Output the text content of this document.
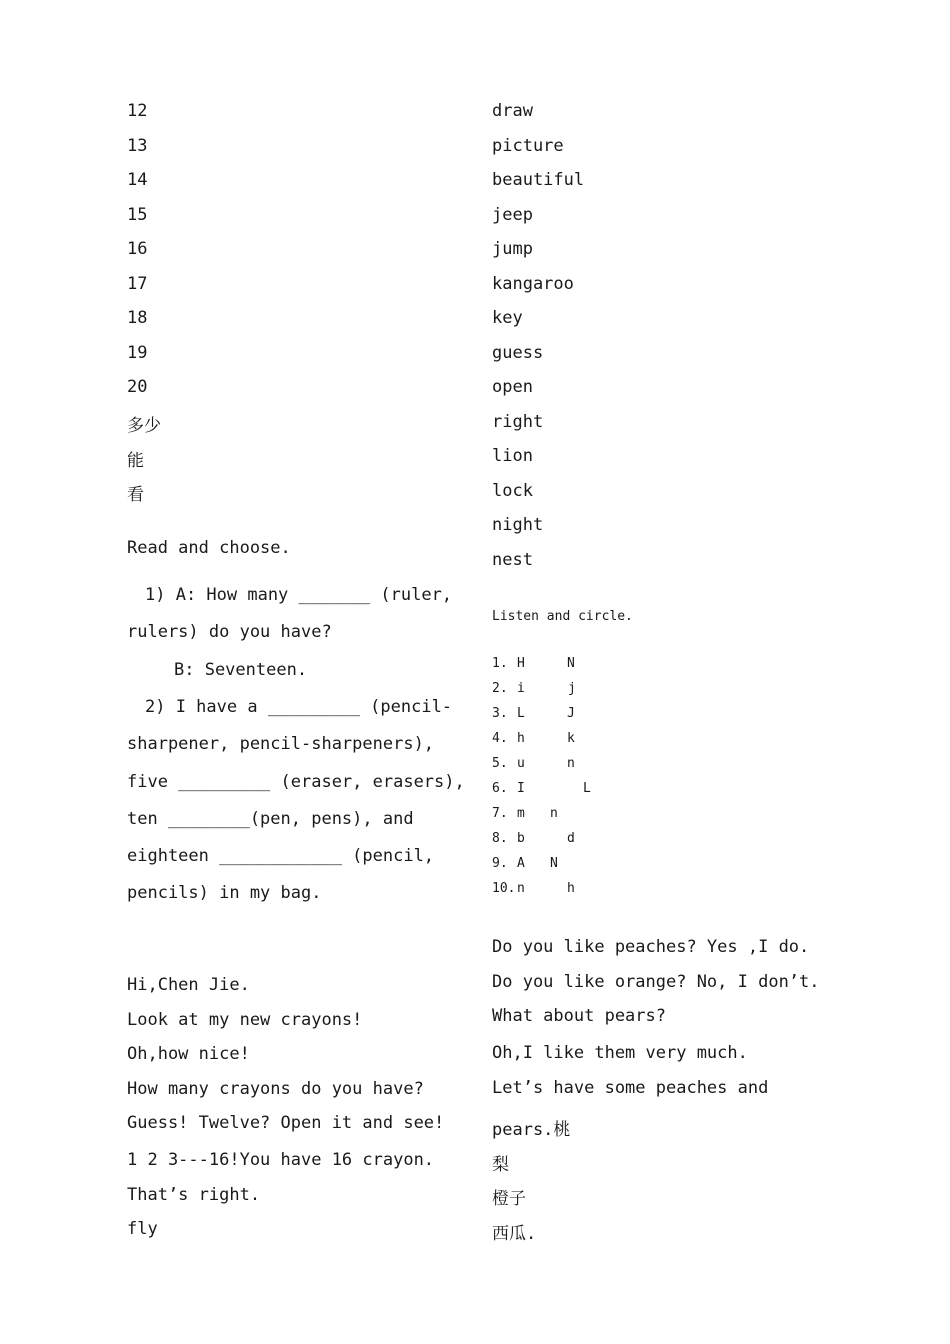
12
13
14
15
16
17
18
19
20
多少
能
看
Read and choose.
1) A: How many _______ (ruler,
rulers) do you have?
B: Seventeen.
2) I have a _________ (pencil-
sharpener, pencil-sharpeners),
five _________ (eraser, erasers),
ten ________(pen, pens), and
eighteen ____________ (pencil,
pencils) in my bag.
Hi,Chen Jie.
Look at my new crayons!
Oh,how nice!
How many crayons do you have?
Guess! Twelve? Open it and see!
1 2 3---16!You have 16 crayon.
That’s right.
fly
draw
picture
beautiful
jeep
jump
kangaroo
key
guess
open
right
lion
lock
night
nest
Listen and circle.
1. H	N
2. i	j
3. L	J
4. h	k
5. u	n
6. I	L
7. m n
8. b	d
9. A N
10. n	h
Do you like peaches? Yes ,I do.
Do you like orange? No, I don’t.
What about pears?
Oh,I like them very much.
Let’s have some peaches and
pears.桃
梨
橙子
西瓜.
